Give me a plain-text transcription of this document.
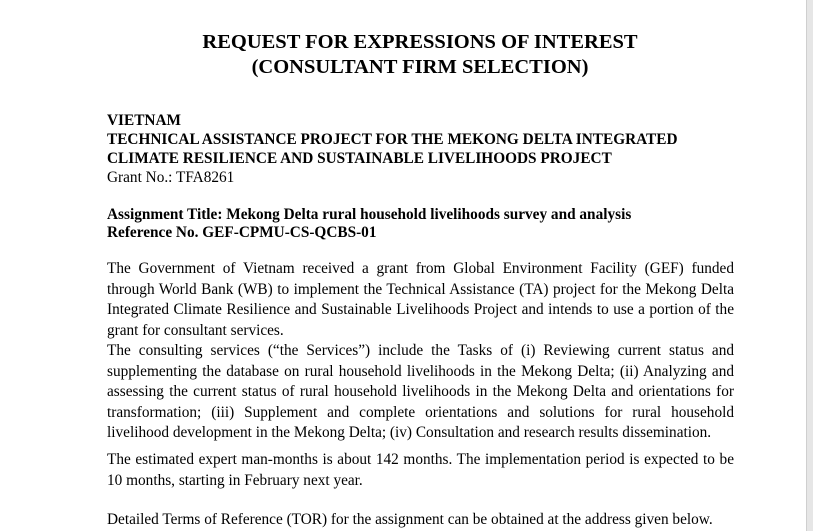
REQUEST FOR EXPRESSIONS OF INTEREST
(CONSULTANT FIRM SELECTION)
VIETNAM
TECHNICAL ASSISTANCE PROJECT FOR THE MEKONG DELTA INTEGRATED
CLIMATE RESILIENCE AND SUSTAINABLE LIVELIHOODS PROJECT
Grant No.: TFA8261
Assignment Title: Mekong Delta rural household livelihoods survey and analysis
Reference No. GEF-CPMU-CS-QCBS-01
The Government of Vietnam received a grant from Global Environment Facility (GEF) funded through World Bank (WB) to implement the Technical Assistance (TA) project for the Mekong Delta Integrated Climate Resilience and Sustainable Livelihoods Project and intends to use a portion of the grant for consultant services.
The consulting services (“the Services”) include the Tasks of (i) Reviewing current status and supplementing the database on rural household livelihoods in the Mekong Delta; (ii) Analyzing and assessing the current status of rural household livelihoods in the Mekong Delta and orientations for transformation; (iii) Supplement and complete orientations and solutions for rural household livelihood development in the Mekong Delta; (iv) Consultation and research results dissemination.
The estimated expert man-months is about 142 months. The implementation period is expected to be 10 months, starting in February next year.
Detailed Terms of Reference (TOR) for the assignment can be obtained at the address given below.
